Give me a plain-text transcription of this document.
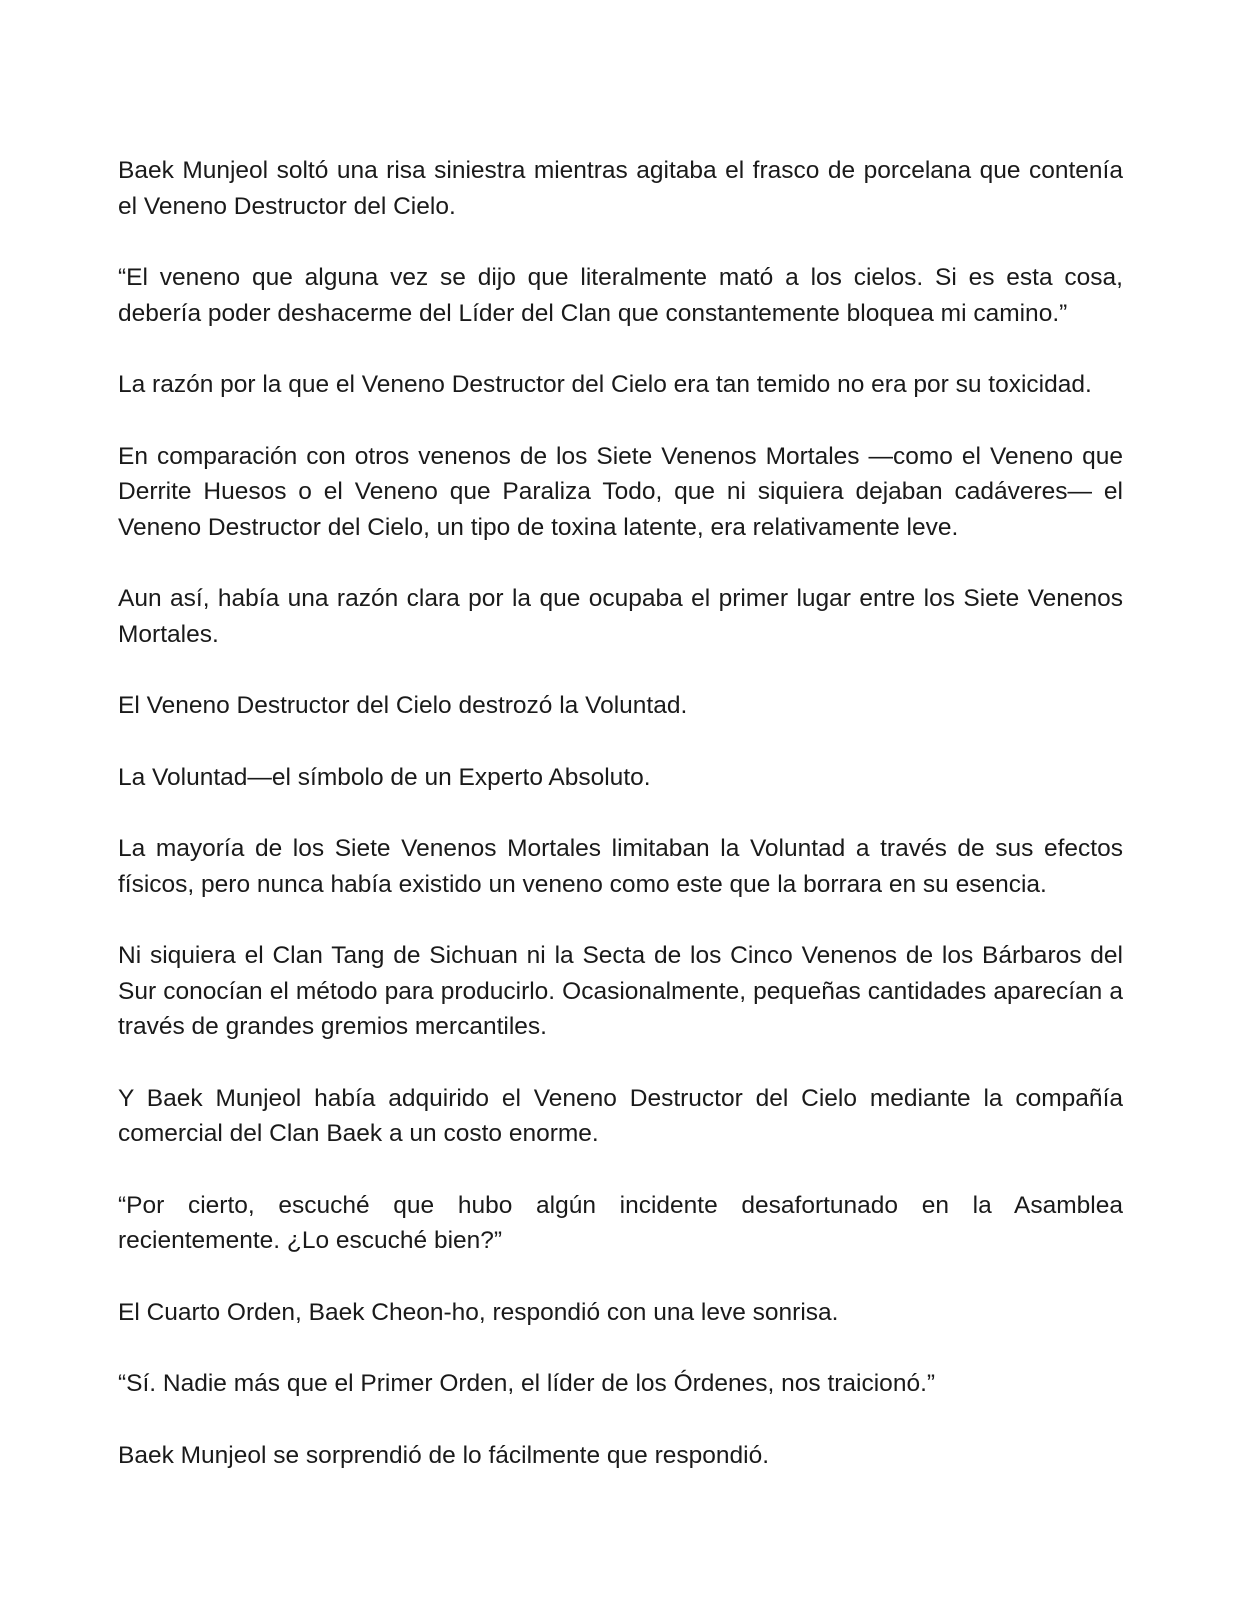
Baek Munjeol soltó una risa siniestra mientras agitaba el frasco de porcelana que contenía el Veneno Destructor del Cielo.

“El veneno que alguna vez se dijo que literalmente mató a los cielos. Si es esta cosa, debería poder deshacerme del Líder del Clan que constantemente bloquea mi camino.”

La razón por la que el Veneno Destructor del Cielo era tan temido no era por su toxicidad.

En comparación con otros venenos de los Siete Venenos Mortales —como el Veneno que Derrite Huesos o el Veneno que Paraliza Todo, que ni siquiera dejaban cadáveres— el Veneno Destructor del Cielo, un tipo de toxina latente, era relativamente leve.

Aun así, había una razón clara por la que ocupaba el primer lugar entre los Siete Venenos Mortales.

El Veneno Destructor del Cielo destrozó la Voluntad.

La Voluntad—el símbolo de un Experto Absoluto.

La mayoría de los Siete Venenos Mortales limitaban la Voluntad a través de sus efectos físicos, pero nunca había existido un veneno como este que la borrara en su esencia.

Ni siquiera el Clan Tang de Sichuan ni la Secta de los Cinco Venenos de los Bárbaros del Sur conocían el método para producirlo. Ocasionalmente, pequeñas cantidades aparecían a través de grandes gremios mercantiles.

Y Baek Munjeol había adquirido el Veneno Destructor del Cielo mediante la compañía comercial del Clan Baek a un costo enorme.

“Por cierto, escuché que hubo algún incidente desafortunado en la Asamblea recientemente. ¿Lo escuché bien?”

El Cuarto Orden, Baek Cheon-ho, respondió con una leve sonrisa.

“Sí. Nadie más que el Primer Orden, el líder de los Órdenes, nos traicionó.”

Baek Munjeol se sorprendió de lo fácilmente que respondió.
